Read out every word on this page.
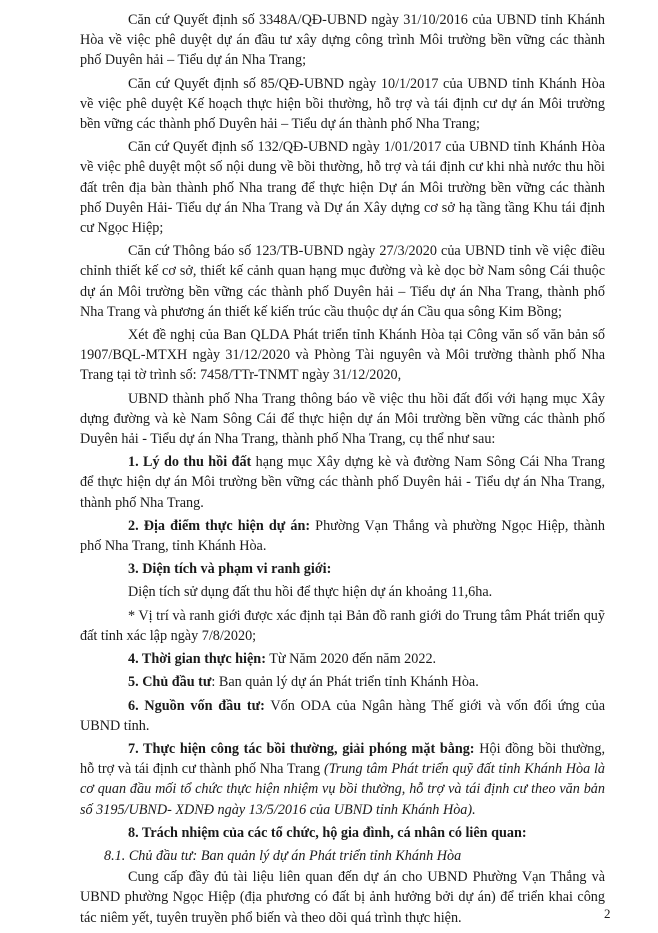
Căn cứ Quyết định số 3348A/QĐ-UBND ngày 31/10/2016 của UBND tỉnh Khánh Hòa về việc phê duyệt dự án đầu tư xây dựng công trình Môi trường bền vững các thành phố Duyên hải – Tiểu dự án Nha Trang;

Căn cứ Quyết định số 85/QĐ-UBND ngày 10/1/2017 của UBND tỉnh Khánh Hòa về việc phê duyệt Kế hoạch thực hiện bồi thường, hỗ trợ và tái định cư dự án Môi trường bền vững các thành phố Duyên hải – Tiểu dự án thành phố Nha Trang;

Căn cứ Quyết định số 132/QĐ-UBND ngày 1/01/2017 của UBND tỉnh Khánh Hòa về việc phê duyệt một số nội dung về bồi thường, hỗ trợ và tái định cư khi nhà nước thu hồi đất trên địa bàn thành phố Nha trang để thực hiện Dự án Môi trường bền vững các thành phố Duyên Hải- Tiểu dự án Nha Trang và Dự án Xây dựng cơ sở hạ tầng tầng Khu tái định cư Ngọc Hiệp;

Căn cứ Thông báo số 123/TB-UBND ngày 27/3/2020 của UBND tỉnh về việc điều chỉnh thiết kế cơ sở, thiết kế cảnh quan hạng mục đường và kè dọc bờ Nam sông Cái thuộc dự án Môi trường bền vững các thành phố Duyên hải – Tiểu dự án Nha Trang, thành phố Nha Trang và phương án thiết kế kiến trúc cầu thuộc dự án Cầu qua sông Kim Bồng;

Xét đề nghị của Ban QLDA Phát triển tỉnh Khánh Hòa tại Công văn số văn bản số 1907/BQL-MTXH ngày 31/12/2020 và Phòng Tài nguyên và Môi trường thành phố Nha Trang tại tờ trình số: 7458/TTr-TNMT ngày 31/12/2020,

UBND thành phố Nha Trang thông báo về việc thu hồi đất đối với hạng mục Xây dựng đường và kè Nam Sông Cái để thực hiện dự án Môi trường bền vững các thành phố Duyên hải - Tiểu dự án Nha Trang, thành phố Nha Trang, cụ thể như sau:

1. Lý do thu hồi đất hạng mục Xây dựng kè và đường Nam Sông Cái Nha Trang để thực hiện dự án Môi trường bền vững các thành phố Duyên hải - Tiểu dự án Nha Trang, thành phố Nha Trang.

2. Địa điểm thực hiện dự án: Phường Vạn Thắng và phường Ngọc Hiệp, thành phố Nha Trang, tỉnh Khánh Hòa.

3. Diện tích và phạm vi ranh giới:

Diện tích sử dụng đất thu hồi để thực hiện dự án khoảng 11,6ha.

* Vị trí và ranh giới được xác định tại Bản đồ ranh giới do Trung tâm Phát triển quỹ đất tỉnh xác lập ngày 7/8/2020;

4. Thời gian thực hiện: Từ Năm 2020 đến năm 2022.

5. Chủ đầu tư: Ban quản lý dự án Phát triển tỉnh Khánh Hòa.

6. Nguồn vốn đầu tư: Vốn ODA của Ngân hàng Thế giới và vốn đối ứng của UBND tỉnh.

7. Thực hiện công tác bồi thường, giải phóng mặt bằng: Hội đồng bồi thường, hỗ trợ và tái định cư thành phố Nha Trang (Trung tâm Phát triển quỹ đất tỉnh Khánh Hòa là cơ quan đầu mối tổ chức thực hiện nhiệm vụ bồi thường, hỗ trợ và tái định cư theo văn bản số 3195/UBND- XDNĐ ngày 13/5/2016 của UBND tỉnh Khánh Hòa).

8. Trách nhiệm của các tổ chức, hộ gia đình, cá nhân có liên quan:

8.1. Chủ đầu tư: Ban quản lý dự án Phát triển tỉnh Khánh Hòa

Cung cấp đầy đủ tài liệu liên quan đến dự án cho UBND Phường Vạn Thắng và UBND phường Ngọc Hiệp (địa phương có đất bị ảnh hưởng bởi dự án) để triển khai công tác niêm yết, tuyên truyền phổ biến và theo dõi quá trình thực hiện.	2
